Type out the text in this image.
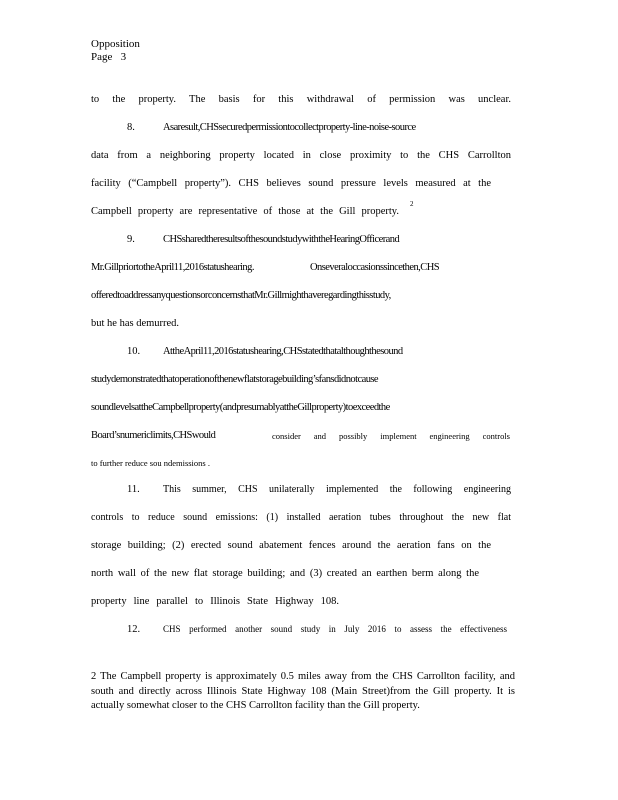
Opposition
Page   3
to the property. The basis for this withdrawal of permission was unclear.
8.	Asaresult,CHSsecuredpermissiontocollectproperty-line-noise-source
data from a neighboring property located in close proximity to the CHS Carrollton
facility (“Campbell property”). CHS believes sound pressure levels measured at the
Campbell property are representative of those at the Gill property.
2
9.	CHSsharedtheresultsofthesoundstudywiththeHearingOfficerand
Mr.GillpriortotheApril11,2016statushearing.	Onseveraloccasionssincethen,CHS
offeredtoaddressanyquestionsorconcernsthatMr.Gillmighthaveregardingthisstudy,
but he has demurred.
10.	AttheApril11,2016statushearing,CHSstatedthatalthoughthesound
studydemonstratedthatoperationofthenewflatstoragebuilding’sfansdidnotcause
soundlevelsattheCampbellproperty(andpresumablyattheGillproperty)toexceedthe
Board’snumericlimits,CHSwould	consider and possibly implement engineering controls
to further reduce sou ndemissions .
11.	This summer, CHS unilaterally implemented the following engineering
controls to reduce sound emissions: (1) installed aeration tubes throughout the new flat
storage building; (2) erected sound abatement fences around the aeration fans on the
north wall of the new flat storage building; and (3) created an earthen berm along the
property line parallel to Illinois State Highway 108.
12.	CHS performed another sound study in July 2016 to assess the effectiveness
2 The Campbell property is approximately 0.5 miles away from the CHS Carrollton facility, and south and directly across Illinois State Highway 108 (Main Street)from the Gill property. It is actually somewhat closer to the CHS Carrollton facility than the Gill property.
